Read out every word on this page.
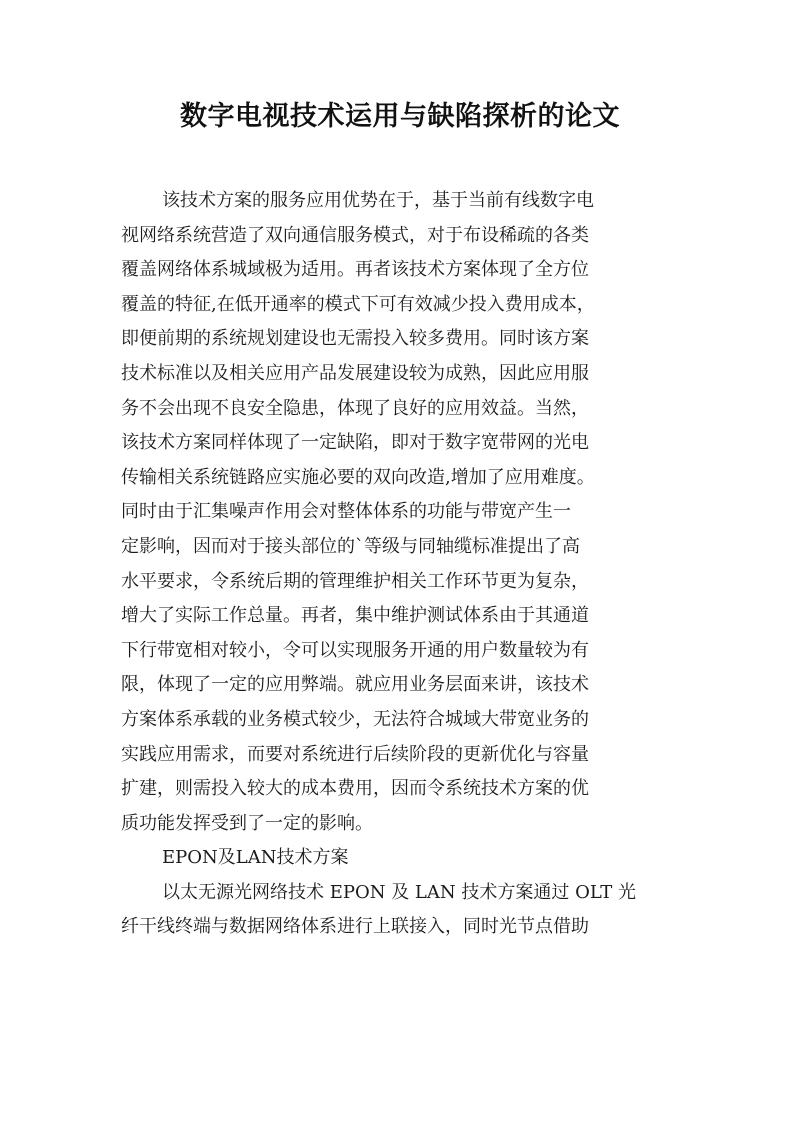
数字电视技术运用与缺陷探析的论文
该技术方案的服务应用优势在于，基于当前有线数字电
视网络系统营造了双向通信服务模式，对于布设稀疏的各类
覆盖网络体系城域极为适用。再者该技术方案体现了全方位
覆盖的特征,在低开通率的模式下可有效减少投入费用成本，
即便前期的系统规划建设也无需投入较多费用。同时该方案
技术标准以及相关应用产品发展建设较为成熟，因此应用服
务不会出现不良安全隐患，体现了良好的应用效益。当然，
该技术方案同样体现了一定缺陷，即对于数字宽带网的光电
传输相关系统链路应实施必要的双向改造,增加了应用难度。
同时由于汇集噪声作用会对整体体系的功能与带宽产生一
定影响，因而对于接头部位的`等级与同轴缆标准提出了高
水平要求，令系统后期的管理维护相关工作环节更为复杂，
增大了实际工作总量。再者，集中维护测试体系由于其通道
下行带宽相对较小，令可以实现服务开通的用户数量较为有
限，体现了一定的应用弊端。就应用业务层面来讲，该技术
方案体系承载的业务模式较少，无法符合城域大带宽业务的
实践应用需求，而要对系统进行后续阶段的更新优化与容量
扩建，则需投入较大的成本费用，因而令系统技术方案的优
质功能发挥受到了一定的影响。
EPON及LAN技术方案
以太无源光网络技术 EPON 及 LAN 技术方案通过 OLT 光
纤干线终端与数据网络体系进行上联接入，同时光节点借助
